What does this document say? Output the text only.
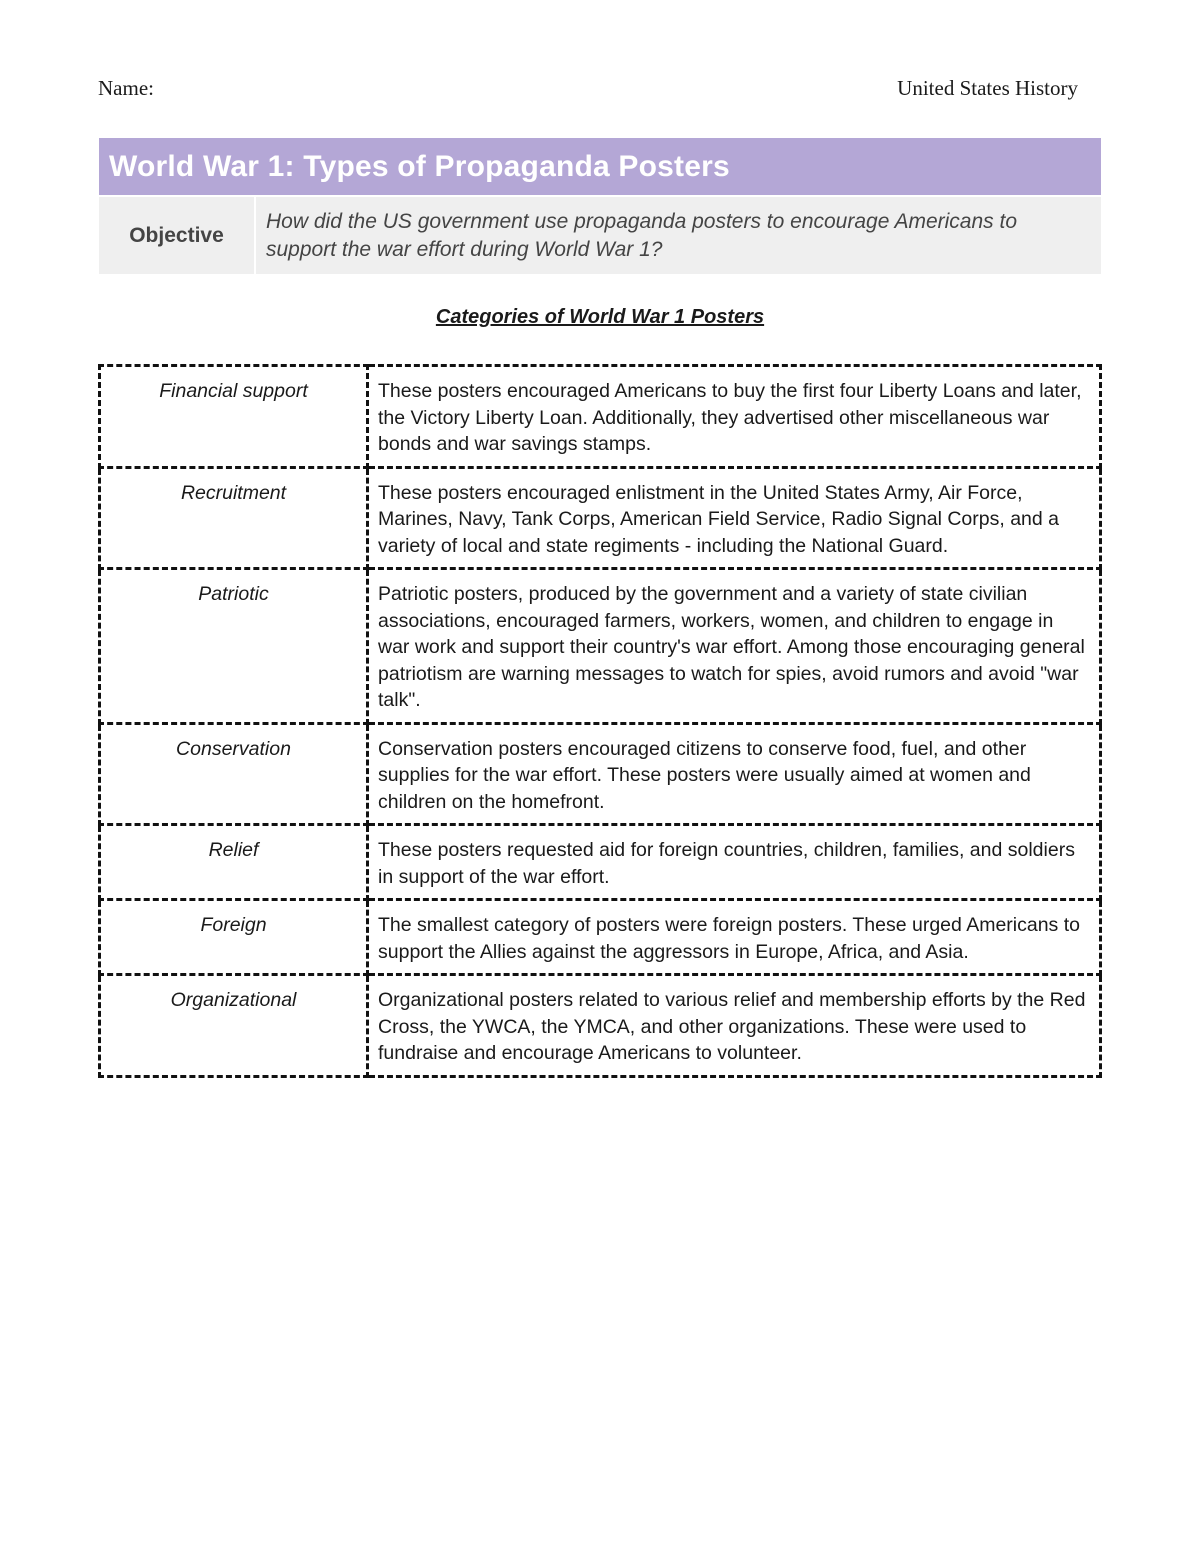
Name:	United States History
World War 1: Types of Propaganda Posters
Objective
How did the US government use propaganda posters to encourage Americans to support the war effort during World War 1?
Categories of World War 1 Posters
Financial support	These posters encouraged Americans to buy the first four Liberty Loans and later, the Victory Liberty Loan. Additionally, they advertised other miscellaneous war bonds and war savings stamps.
Recruitment	These posters encouraged enlistment in the United States Army, Air Force, Marines, Navy, Tank Corps, American Field Service, Radio Signal Corps, and a variety of local and state regiments - including the National Guard.
Patriotic	Patriotic posters, produced by the government and a variety of state civilian associations, encouraged farmers, workers, women, and children to engage in war work and support their country's war effort. Among those encouraging general patriotism are warning messages to watch for spies, avoid rumors and avoid "war talk".
Conservation	Conservation posters encouraged citizens to conserve food, fuel, and other supplies for the war effort. These posters were usually aimed at women and children on the homefront.
Relief	These posters requested aid for foreign countries, children, families, and soldiers in support of the war effort.
Foreign	The smallest category of posters were foreign posters. These urged Americans to support the Allies against the aggressors in Europe, Africa, and Asia.
Organizational	Organizational posters related to various relief and membership efforts by the Red Cross, the YWCA, the YMCA, and other organizations. These were used to fundraise and encourage Americans to volunteer.
